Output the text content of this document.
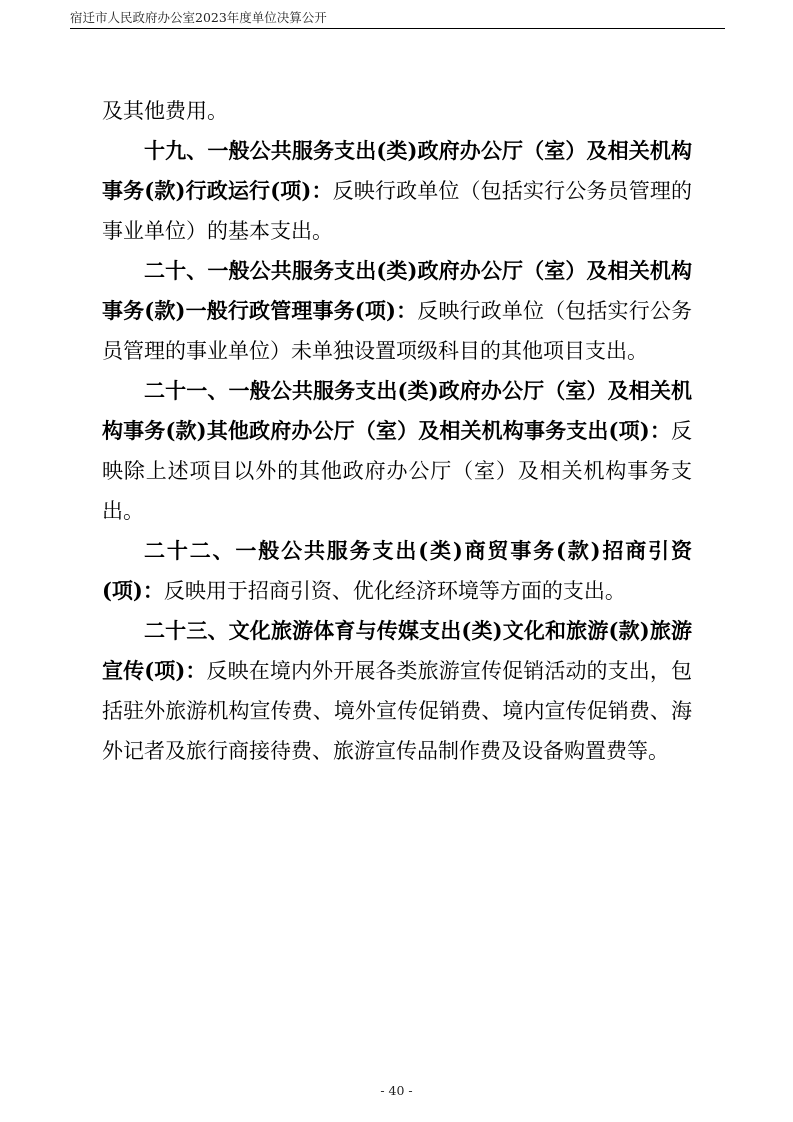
宿迁市人民政府办公室2023年度单位决算公开

及其他费用。

十九、一般公共服务支出(类)政府办公厅（室）及相关机构事务(款)行政运行(项)：反映行政单位（包括实行公务员管理的事业单位）的基本支出。

二十、一般公共服务支出(类)政府办公厅（室）及相关机构事务(款)一般行政管理事务(项)：反映行政单位（包括实行公务员管理的事业单位）未单独设置项级科目的其他项目支出。

二十一、一般公共服务支出(类)政府办公厅（室）及相关机构事务(款)其他政府办公厅（室）及相关机构事务支出(项)：反映除上述项目以外的其他政府办公厅（室）及相关机构事务支出。

二十二、一般公共服务支出(类)商贸事务(款)招商引资(项)：反映用于招商引资、优化经济环境等方面的支出。

二十三、文化旅游体育与传媒支出(类)文化和旅游(款)旅游宣传(项)：反映在境内外开展各类旅游宣传促销活动的支出，包括驻外旅游机构宣传费、境外宣传促销费、境内宣传促销费、海外记者及旅行商接待费、旅游宣传品制作费及设备购置费等。

- 40 -
